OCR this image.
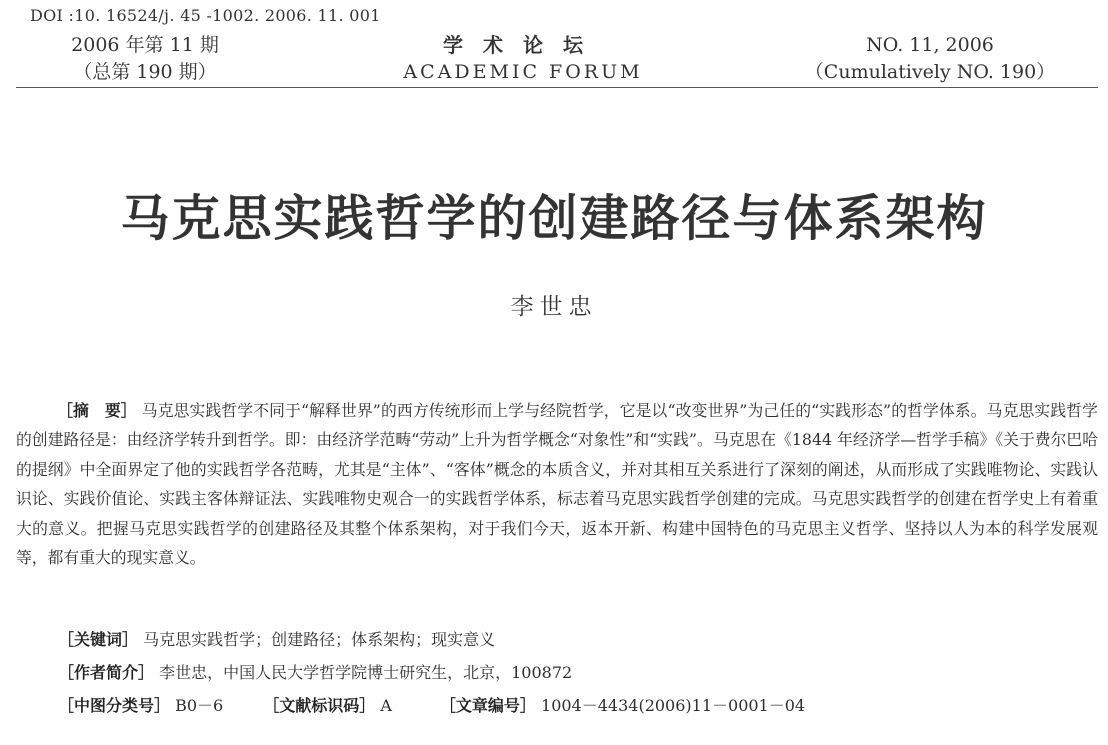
DOI :10. 16524/j. 45 -1002. 2006. 11. 001
2006 年第 11 期
（总第 190 期）
学术论坛
ACADEMIC FORUM
NO. 11, 2006
（Cumulatively NO. 190）
马克思实践哲学的创建路径与体系架构
李世忠
［摘　要］ 马克思实践哲学不同于“解释世界”的西方传统形而上学与经院哲学，它是以“改变世界”为己任的“实践形态”的哲学体系。马克思实践哲学的创建路径是：由经济学转升到哲学。即：由经济学范畴“劳动”上升为哲学概念“对象性”和“实践”。马克思在《1844 年经济学—哲学手稿》《关于费尔巴哈的提纲》中全面界定了他的实践哲学各范畴，尤其是“主体”、“客体”概念的本质含义，并对其相互关系进行了深刻的阐述，从而形成了实践唯物论、实践认识论、实践价值论、实践主客体辩证法、实践唯物史观合一的实践哲学体系，标志着马克思实践哲学创建的完成。马克思实践哲学的创建在哲学史上有着重大的意义。把握马克思实践哲学的创建路径及其整个体系架构，对于我们今天，返本开新、构建中国特色的马克思主义哲学、坚持以人为本的科学发展观等，都有重大的现实意义。
［关键词］ 马克思实践哲学；创建路径；体系架构；现实意义
［作者简介］ 李世忠，中国人民大学哲学院博士研究生，北京，100872
［中图分类号］ B0－6	［文献标识码］ A	［文章编号］ 1004－4434(2006)11－0001－04
